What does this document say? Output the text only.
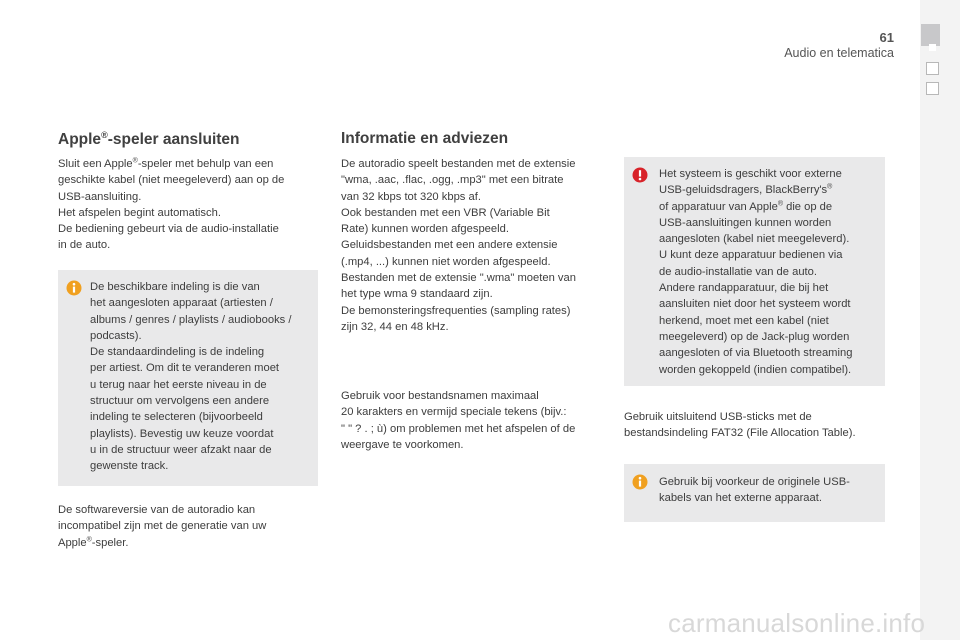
61
Audio en telematica
Apple®-speler aansluiten
Sluit een Apple®-speler met behulp van een
geschikte kabel (niet meegeleverd) aan op de
USB-aansluiting.
Het afspelen begint automatisch.
De bediening gebeurt via de audio-installatie
in de auto.
De beschikbare indeling is die van
het aangesloten apparaat (artiesten /
albums / genres / playlists / audiobooks /
podcasts).
De standaardindeling is de indeling
per artiest. Om dit te veranderen moet
u terug naar het eerste niveau in de
structuur om vervolgens een andere
indeling te selecteren (bijvoorbeeld
playlists). Bevestig uw keuze voordat
u in de structuur weer afzakt naar de
gewenste track.
De softwareversie van de autoradio kan
incompatibel zijn met de generatie van uw
Apple®-speler.
Informatie en adviezen
De autoradio speelt bestanden met de extensie
"wma, .aac, .flac, .ogg, .mp3" met een bitrate
van 32 kbps tot 320 kbps af.
Ook bestanden met een VBR (Variable Bit
Rate) kunnen worden afgespeeld.
Geluidsbestanden met een andere extensie
(.mp4, ...) kunnen niet worden afgespeeld.
Bestanden met de extensie ".wma" moeten van
het type wma 9 standaard zijn.
De bemonsteringsfrequenties (sampling rates)
zijn 32, 44 en 48 kHz.
Gebruik voor bestandsnamen maximaal
20 karakters en vermijd speciale tekens (bijv.:
" " ? . ; ù) om problemen met het afspelen of de
weergave te voorkomen.
Het systeem is geschikt voor externe
USB-geluidsdragers, BlackBerry's®
of apparatuur van Apple® die op de
USB-aansluitingen kunnen worden
aangesloten (kabel niet meegeleverd).
U kunt deze apparatuur bedienen via
de audio-installatie van de auto.
Andere randapparatuur, die bij het
aansluiten niet door het systeem wordt
herkend, moet met een kabel (niet
meegeleverd) op de Jack-plug worden
aangesloten of via Bluetooth streaming
worden gekoppeld (indien compatibel).
Gebruik uitsluitend USB-sticks met de
bestandsindeling FAT32 (File Allocation Table).
Gebruik bij voorkeur de originele USB-
kabels van het externe apparaat.
carmanualsonline.info
